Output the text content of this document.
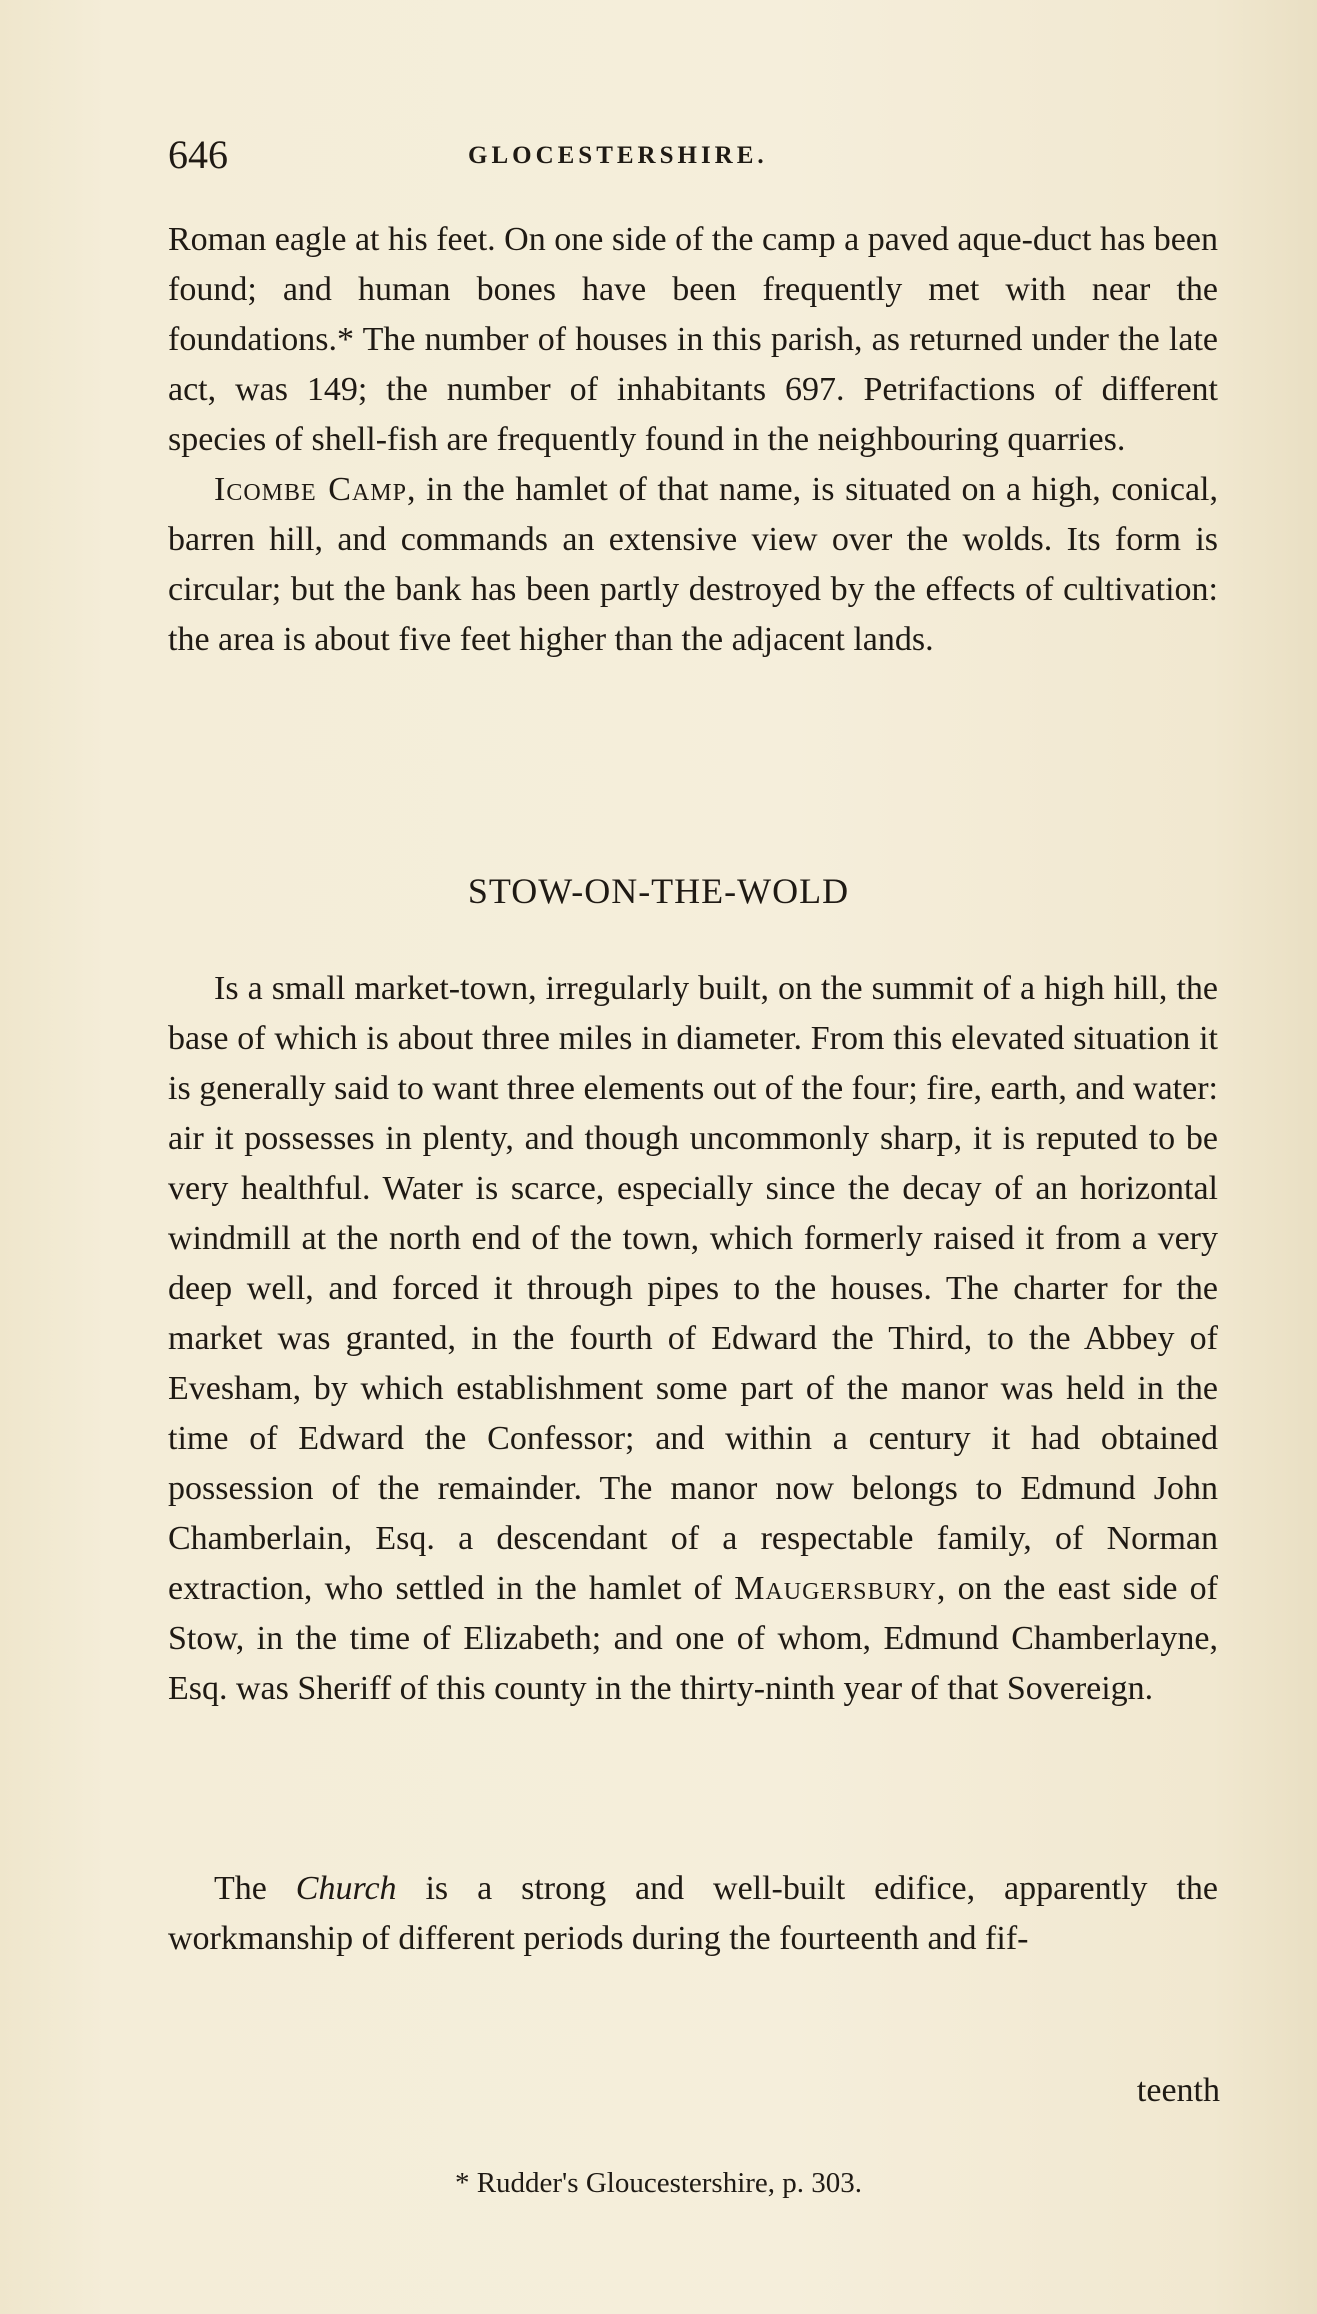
646	GLOCESTERSHIRE.

Roman eagle at his feet. On one side of the camp a paved aque-duct has been found; and human bones have been frequently met with near the foundations.* The number of houses in this parish, as returned under the late act, was 149; the number of inhabitants 697. Petrifactions of different species of shell-fish are frequently found in the neighbouring quarries.

Icombe Camp, in the hamlet of that name, is situated on a high, conical, barren hill, and commands an extensive view over the wolds. Its form is circular; but the bank has been partly destroyed by the effects of cultivation: the area is about five feet higher than the adjacent lands.

STOW-ON-THE-WOLD

Is a small market-town, irregularly built, on the summit of a high hill, the base of which is about three miles in diameter. From this elevated situation it is generally said to want three elements out of the four; fire, earth, and water: air it possesses in plenty, and though uncommonly sharp, it is reputed to be very healthful. Water is scarce, especially since the decay of an horizontal windmill at the north end of the town, which formerly raised it from a very deep well, and forced it through pipes to the houses. The charter for the market was granted, in the fourth of Edward the Third, to the Abbey of Evesham, by which establishment some part of the manor was held in the time of Edward the Confessor; and within a century it had obtained possession of the remainder. The manor now belongs to Edmund John Chamberlain, Esq. a descendant of a respectable family, of Norman extraction, who settled in the hamlet of Maugersbury, on the east side of Stow, in the time of Elizabeth; and one of whom, Edmund Chamberlayne, Esq. was Sheriff of this county in the thirty-ninth year of that Sovereign.

The Church is a strong and well-built edifice, apparently the workmanship of different periods during the fourteenth and fif-

teenth
* Rudder's Gloucestershire, p. 303.
